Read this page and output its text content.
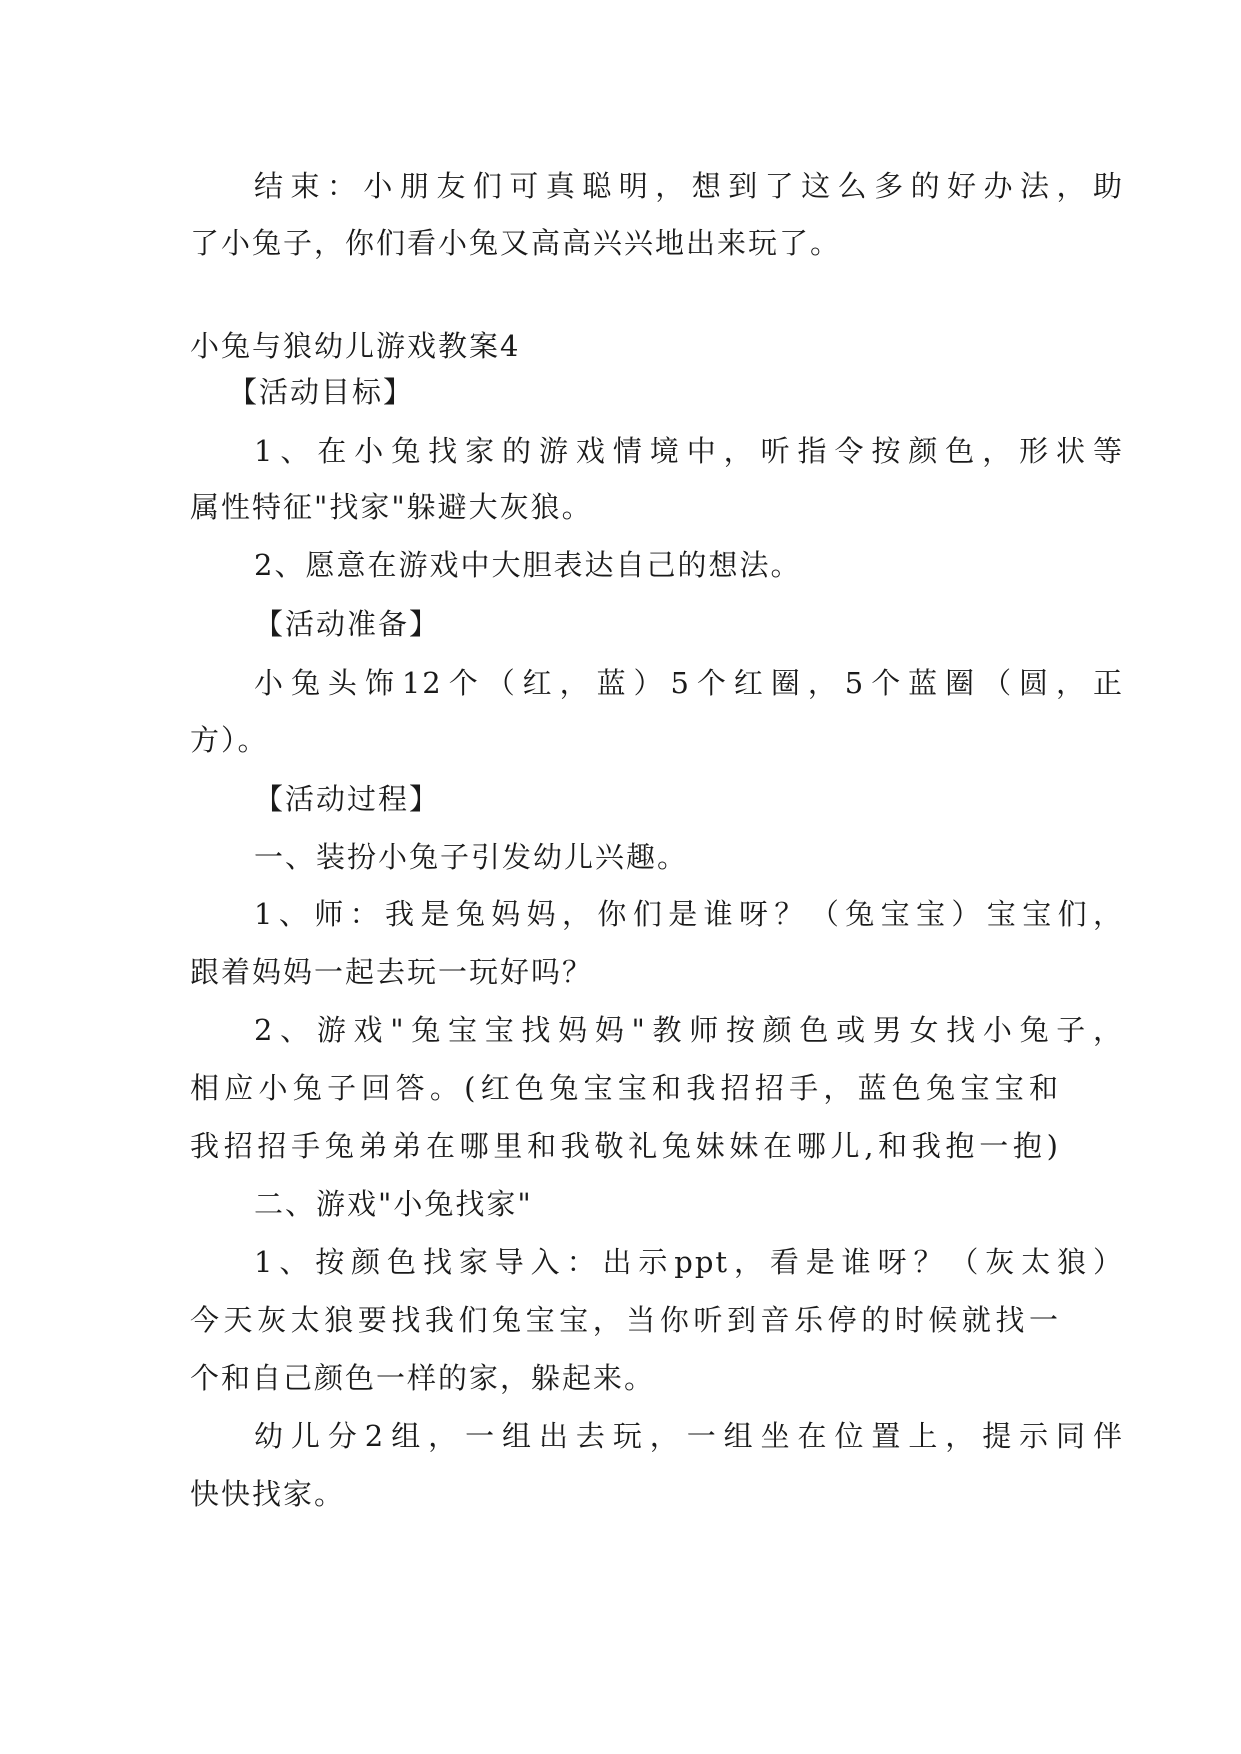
结束：小朋友们可真聪明，想到了这么多的好办法，助
了小兔子，你们看小兔又高高兴兴地出来玩了。
小兔与狼幼儿游戏教案4
【活动目标】
1、在小兔找家的游戏情境中，听指令按颜色，形状等
属性特征"找家"躲避大灰狼。
2、愿意在游戏中大胆表达自己的想法。
【活动准备】
小兔头饰12个（红，蓝）5个红圈，5个蓝圈（圆，正
方）。
【活动过程】
一、装扮小兔子引发幼儿兴趣。
1、师：我是兔妈妈，你们是谁呀？（兔宝宝）宝宝们，
跟着妈妈一起去玩一玩好吗？
2、游戏"兔宝宝找妈妈"教师按颜色或男女找小兔子，
相应小兔子回答。(红色兔宝宝和我招招手，蓝色兔宝宝和
我招招手兔弟弟在哪里和我敬礼兔妹妹在哪儿,和我抱一抱)
二、游戏"小兔找家"
1、按颜色找家导入：出示ppt，看是谁呀？（灰太狼）
今天灰太狼要找我们兔宝宝，当你听到音乐停的时候就找一
个和自己颜色一样的家，躲起来。
幼儿分2组，一组出去玩，一组坐在位置上，提示同伴
快快找家。
